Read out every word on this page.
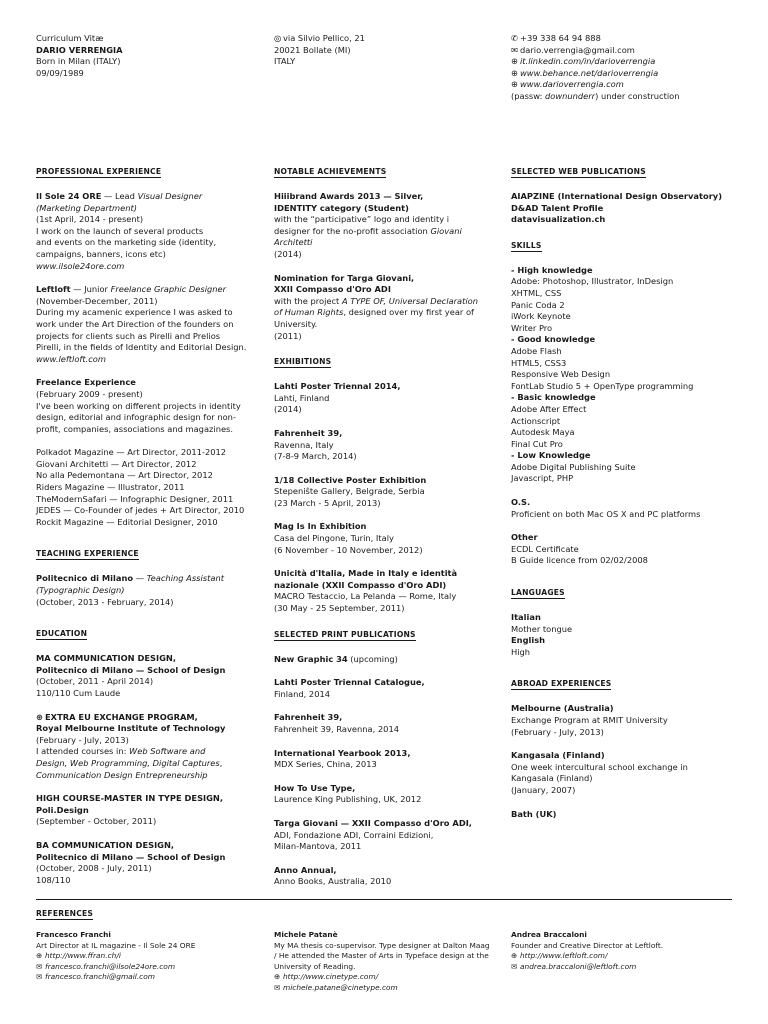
Curriculum Vitæ
DARIO VERRENGIA
Born in Milan (ITALY)
09/09/1989
◎ via Silvio Pellico, 21
20021 Bollate (MI)
ITALY
✆ +39 338 64 94 888
✉ dario.verrengia@gmail.com
⊕ it.linkedin.com/in/darioverrengia
⊕ www.behance.net/darioverrengia
⊕ www.darioverrengia.com
(passw: downunderr) under construction
PROFESSIONAL EXPERIENCE
Il Sole 24 ORE — Lead Visual Designer
(Marketing Department)
(1st April, 2014 - present)
I work on the launch of several products
and events on the marketing side (identity,
campaigns, banners, icons etc)
www.ilsole24ore.com
Leftloft — Junior Freelance Graphic Designer
(November-December, 2011)
During my acamenic experience I was asked to
work under the Art Direction of the founders on
projects for clients such as Pirelli and Prelios
Pirelli, in the fields of Identity and Editorial Design.
www.leftloft.com
Freelance Experience
(February 2009 - present)
I've been working on different projects in identity
design, editorial and infographic design for non-
profit, companies, associations and magazines.
Polkadot Magazine — Art Director, 2011-2012
Giovani Architetti — Art Director, 2012
No alla Pedemontana — Art Director, 2012
Riders Magazine — Illustrator, 2011
TheModernSafari — Infographic Designer, 2011
JEDES — Co-Founder of jedes + Art Director, 2010
Rockit Magazine — Editorial Designer, 2010
TEACHING EXPERIENCE
Politecnico di Milano — Teaching Assistant
(Typographic Design)
(October, 2013 - February, 2014)
EDUCATION
MA COMMUNICATION DESIGN,
Politecnico di Milano — School of Design
(October, 2011 - April 2014)
110/110 Cum Laude
⊛ EXTRA EU EXCHANGE PROGRAM,
Royal Melbourne Institute of Technology
(February - July, 2013)
I attended courses in: Web Software and
Design, Web Programming, Digital Captures,
Communication Design Entrepreneurship
HIGH COURSE-MASTER IN TYPE DESIGN,
Poli.Design
(September - October, 2011)
BA COMMUNICATION DESIGN,
Politecnico di Milano — School of Design
(October, 2008 - July, 2011)
108/110
NOTABLE ACHIEVEMENTS
Hiiibrand Awards 2013 — Silver,
IDENTITY category (Student)
with the “participative” logo and identity i
designer for the no-profit association Giovani
Architetti
(2014)
Nomination for Targa Giovani,
XXII Compasso d'Oro ADI
with the project A TYPE OF, Universal Declaration
of Human Rights, designed over my first year of
University.
(2011)
EXHIBITIONS
Lahti Poster Triennal 2014,
Lahti, Finland
(2014)
Fahrenheit 39,
Ravenna, Italy
(7-8-9 March, 2014)
1/18 Collective Poster Exhibition
Stepeniŝte Gallery, Belgrade, Serbia
(23 March - 5 April, 2013)
Mag Is In Exhibition
Casa del Pingone, Turin, Italy
(6 November - 10 November, 2012)
Unicità d'Italia, Made in Italy e identità
nazionale (XXII Compasso d'Oro ADI)
MACRO Testaccio, La Pelanda — Rome, Italy
(30 May - 25 September, 2011)
SELECTED PRINT PUBLICATIONS
New Graphic 34 (upcoming)
Lahti Poster Triennal Catalogue,
Finland, 2014
Fahrenheit 39,
Fahrenheit 39, Ravenna, 2014
International Yearbook 2013,
MDX Series, China, 2013
How To Use Type,
Laurence King Publishing, UK, 2012
Targa Giovani — XXII Compasso d'Oro ADI,
ADI, Fondazione ADI, Corraini Edizioni,
Milan-Mantova, 2011
Anno Annual,
Anno Books, Australia, 2010
SELECTED WEB PUBLICATIONS
AIAPZINE (International Design Observatory)
D&AD Talent Profile
datavisualization.ch
SKILLS
- High knowledge
Adobe: Photoshop, Illustrator, InDesign
XHTML, CSS
Panic Coda 2
iWork Keynote
Writer Pro
- Good knowledge
Adobe Flash
HTML5, CSS3
Responsive Web Design
FontLab Studio 5 + OpenType programming
- Basic knowledge
Adobe After Effect
Actionscript
Autodesk Maya
Final Cut Pro
- Low Knowledge
Adobe Digital Publishing Suite
Javascript, PHP
O.S.
Proficient on both Mac OS X and PC platforms
Other
ECDL Certificate
B Guide licence from 02/02/2008
LANGUAGES
Italian
Mother tongue
English
High
ABROAD EXPERIENCES
Melbourne (Australia)
Exchange Program at RMIT University
(February - July, 2013)
Kangasala (Finland)
One week intercultural school exchange in
Kangasala (Finland)
(January, 2007)
Bath (UK)
REFERENCES
Francesco Franchi
Art Director at IL magazine - Il Sole 24 ORE
⊕ http://www.ffran.ch/i
✉ francesco.franchi@ilsole24ore.com
✉ francesco.franchi@gmail.com
Michele Patanè
My MA thesis co-supervisor. Type designer at Dalton Maag
/ He attended the Master of Arts in Typeface design at the
University of Reading.
⊕ http://www.cinetype.com/
✉ michele.patane@cinetype.com
Andrea Braccaloni
Founder and Creative Director at Leftloft.
⊕ http://www.leftloft.com/
✉ andrea.braccaloni@leftloft.com
